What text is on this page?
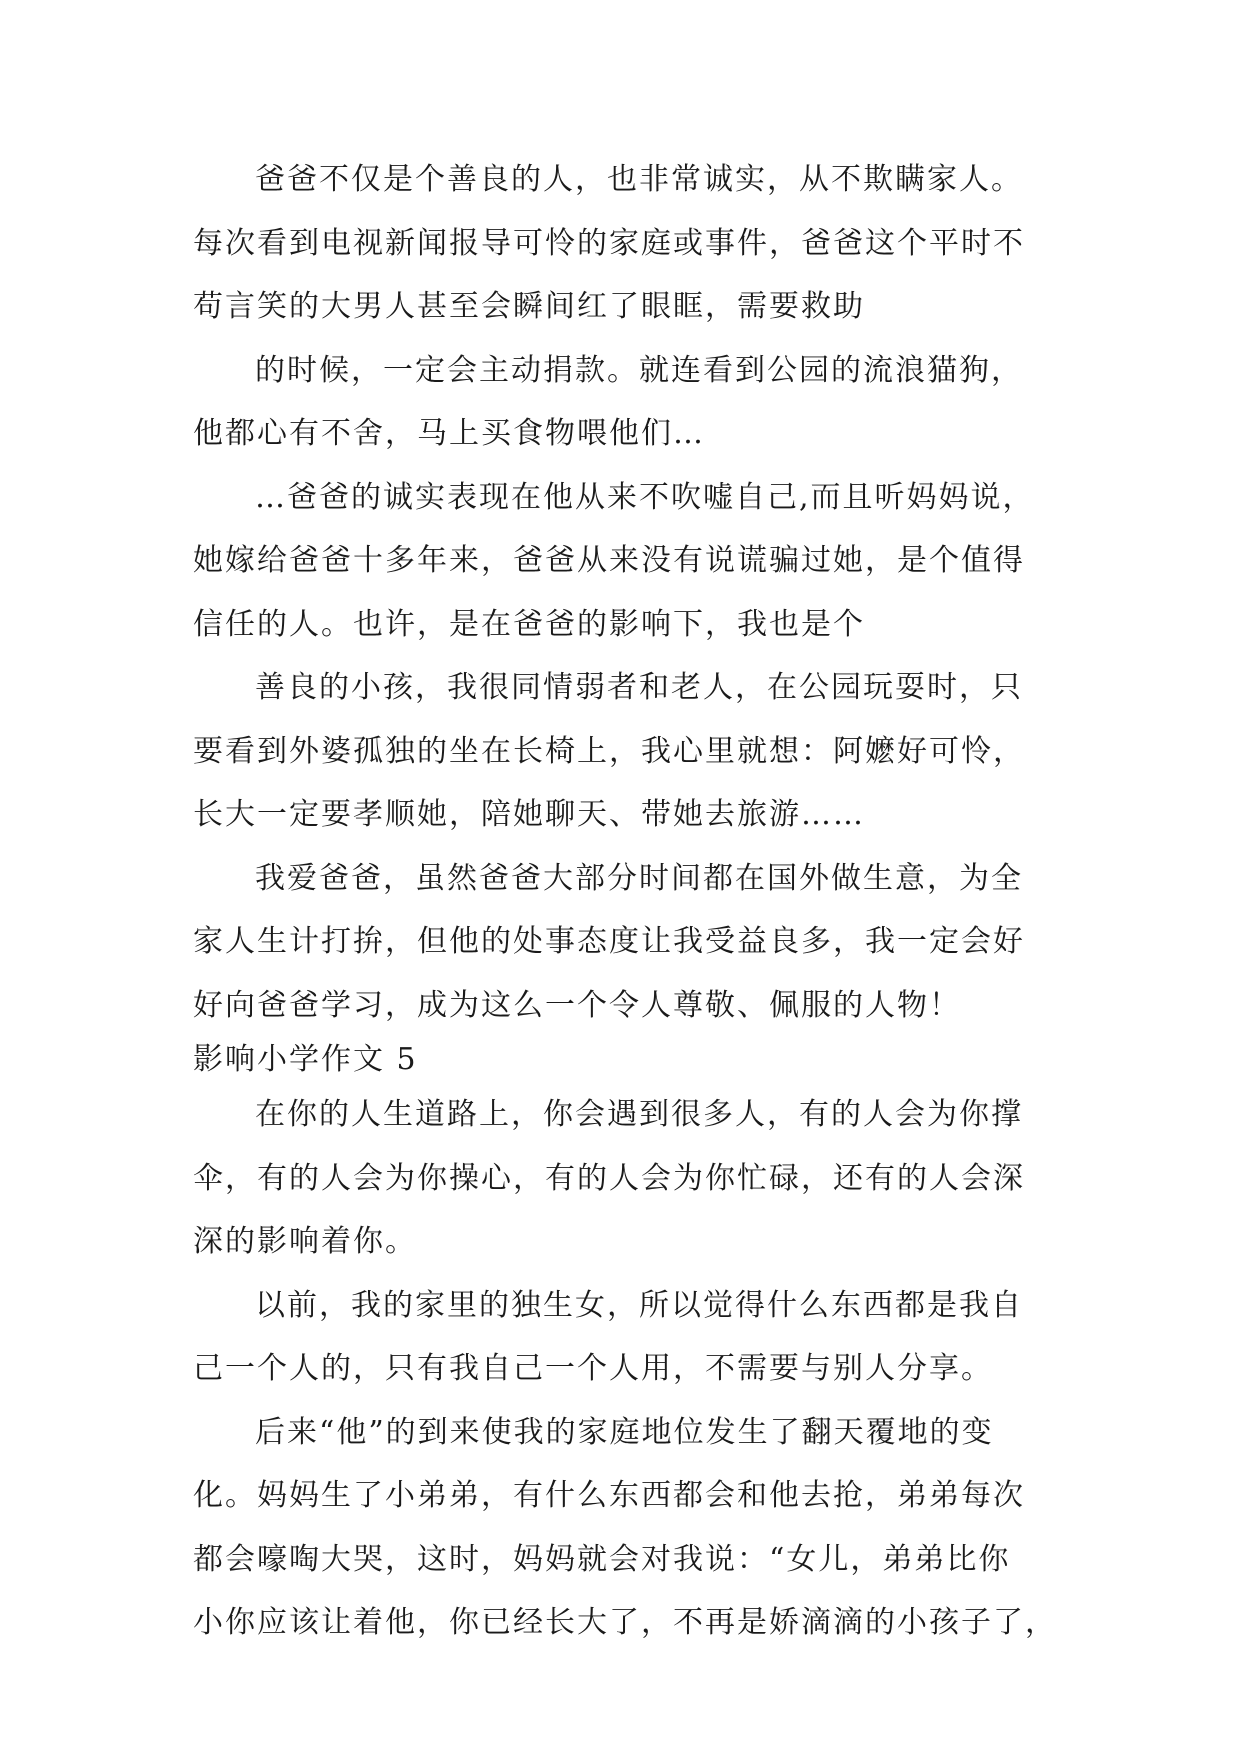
爸爸不仅是个善良的人，也非常诚实，从不欺瞒家人。
每次看到电视新闻报导可怜的家庭或事件，爸爸这个平时不
苟言笑的大男人甚至会瞬间红了眼眶，需要救助
的时候，一定会主动捐款。就连看到公园的流浪猫狗，
他都心有不舍，马上买食物喂他们…
…爸爸的诚实表现在他从来不吹嘘自己,而且听妈妈说，
她嫁给爸爸十多年来，爸爸从来没有说谎骗过她，是个值得
信任的人。也许，是在爸爸的影响下，我也是个
善良的小孩，我很同情弱者和老人，在公园玩耍时，只
要看到外婆孤独的坐在长椅上，我心里就想：阿嬷好可怜，
长大一定要孝顺她，陪她聊天、带她去旅游……
我爱爸爸，虽然爸爸大部分时间都在国外做生意，为全
家人生计打拚，但他的处事态度让我受益良多，我一定会好
好向爸爸学习，成为这么一个令人尊敬、佩服的人物！
影响小学作文 5
在你的人生道路上，你会遇到很多人，有的人会为你撑
伞，有的人会为你操心，有的人会为你忙碌，还有的人会深
深的影响着你。
以前，我的家里的独生女，所以觉得什么东西都是我自
己一个人的，只有我自己一个人用，不需要与别人分享。
后来“他”的到来使我的家庭地位发生了翻天覆地的变
化。妈妈生了小弟弟，有什么东西都会和他去抢，弟弟每次
都会嚎啕大哭，这时，妈妈就会对我说：“女儿，弟弟比你
小你应该让着他，你已经长大了，不再是娇滴滴的小孩子了，
